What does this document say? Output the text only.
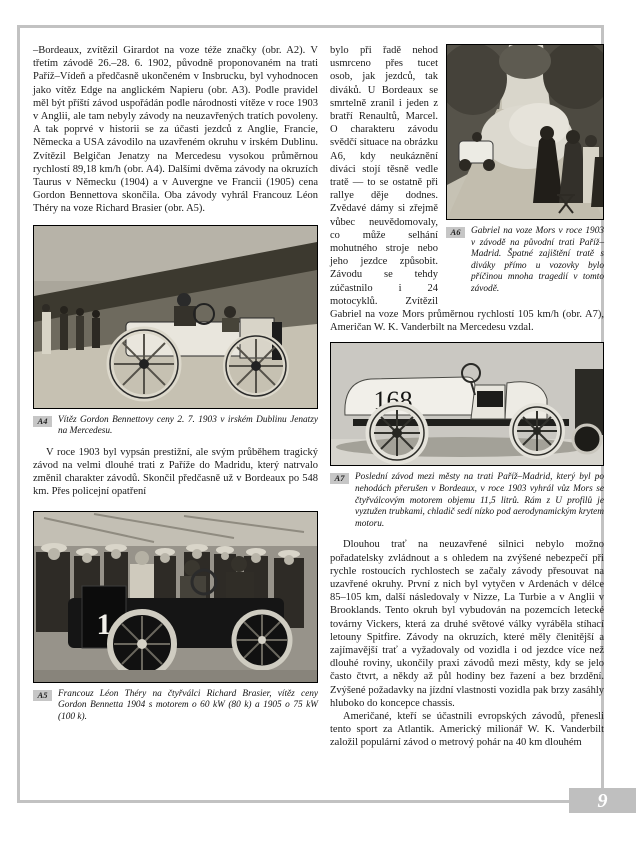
9

–Bordeaux, zvítězil Girardot na voze téže značky (obr. A2). V třetím závodě 26.–28. 6. 1902, původně proponovaném na trati Paříž–Vídeň a předčasně ukončeném v Insbrucku, byl vyhodnocen jako vítěz Edge na anglickém Napieru (obr. A3). Podle pravidel měl být příští závod uspořádán podle národnosti vítěze v roce 1903 v Anglii, ale tam nebyly závody na neuzavřených tratích povoleny. A tak poprvé v historii se za účasti jezdců z Anglie, Francie, Německa a USA závodilo na uzavřeném okruhu v irském Dublinu. Zvítězil Belgičan Jenatzy na Mercedesu vysokou průměrnou rychlostí 89,18 km/h (obr. A4). Dalšími dvěma závody na okruzích Taurus v Německu (1904) a v Auvergne ve Francii (1905) cena Gordon Bennettova skončila. Oba závody vyhrál Francouz Léon Théry na voze Richard Brasier (obr. A5).

A4	Vítěz Gordon Bennettovy ceny 2. 7. 1903 v irském Dublinu Jenatzy na Mercedesu.

V roce 1903 byl vypsán prestižní, ale svým průběhem tragický závod na velmi dlouhé trati z Paříže do Madridu, který natrvalo změnil charakter závodů. Skončil předčasně už v Bordeaux po 548 km. Přes policejní opatření

1
A5	Francouz Léon Théry na čtyřválci Richard Brasier, vítěz ceny Gordon Bennetta 1904 s motorem o 60 kW (80 k) a 1905 o 75 kW (100 k).
A6	Gabriel na voze Mors v roce 1903 v závodě na původní trati Paříž–Madrid. Špatné zajištění tratě s diváky přímo u vozovky bylo příčinou mnoha tragedií v tomto závodě.

bylo při řadě nehod usmrceno přes tucet osob, jak jezdců, tak diváků. U Bordeaux se smrtelně zranil i jeden z bratří Renaultů, Marcel. O charakteru závodu svědčí situace na obrázku A6, kdy neukáznění diváci stojí těsně vedle tratě — to se ostatně při rallye děje dodnes. Zvědavé dámy si zřejmě vůbec neuvědomovaly, co může selhání mohutného stroje nebo jeho jezdce způsobit. Závodu se tehdy zúčastnilo i 24 motocyklů. Zvítězil Gabriel na voze Mors průměrnou rychlostí 105 km/h (obr. A7), Američan W. K. Vanderbilt na Mercedesu vzdal.

168
A7	Poslední závod mezi městy na trati Paříž–Madrid, který byl po nehodách přerušen v Bordeaux, v roce 1903 vyhrál vůz Mors se čtyřválcovým motorem objemu 11,5 litrů. Rám z U profilů je vyztužen trubkami, chladič sedí nízko pod aerodynamickým krytem motoru.

Dlouhou trať na neuzavřené silnici nebylo možno pořadatelsky zvládnout a s ohledem na zvýšené nebezpečí při rychle rostoucích rychlostech se začaly závody přesouvat na uzavřené okruhy. První z nich byl vytyčen v Ardenách v délce 85–105 km, další následovaly v Nizze, La Turbie a v Anglii v Brooklands. Tento okruh byl vybudován na pozemcích letecké továrny Vickers, která za druhé světové války vyráběla stíhací letouny Spitfire. Závody na okruzích, které měly členitější a zajímavější trať a vyžadovaly od vozidla i od jezdce více než dlouhé roviny, ukončily praxi závodů mezi městy, kdy se jelo často čtvrt, a někdy až půl hodiny bez řazení a bez brzdění. Zvýšené požadavky na jízdní vlastnosti vozidla pak brzy zasáhly hluboko do koncepce chassis.

Američané, kteří se účastnili evropských závodů, přenesli tento sport za Atlantik. Americký milionář W. K. Vanderbilt založil populární závod o metrový pohár na 40 km dlouhém
